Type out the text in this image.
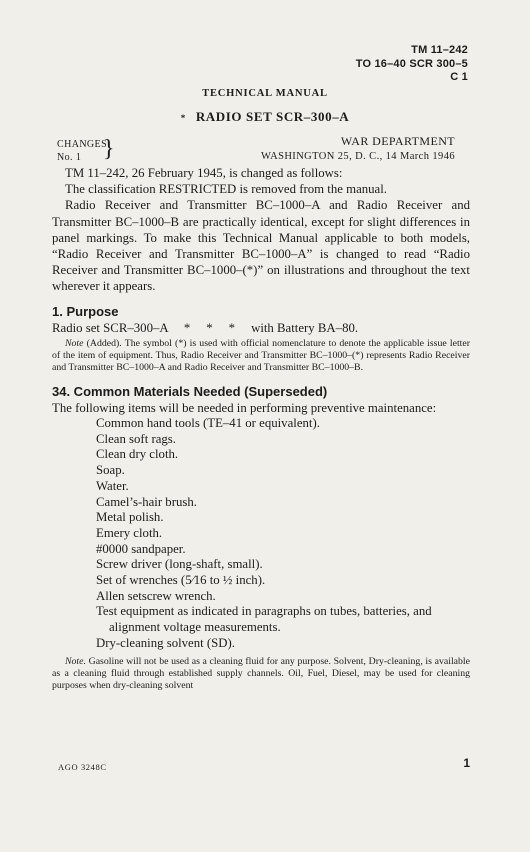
TM 11–242
TO 16–40 SCR 300–5
C 1
TECHNICAL MANUAL
* RADIO SET SCR–300–A
CHANGES
No. 1 }	WAR DEPARTMENT
WASHINGTON 25, D. C., 14 March 1946

TM 11–242, 26 February 1945, is changed as follows:

The classification RESTRICTED is removed from the manual.

Radio Receiver and Transmitter BC–1000–A and Radio Receiver and Transmitter BC–1000–B are practically identical, except for slight differences in panel markings. To make this Technical Manual applicable to both models, “Radio Receiver and Transmitter BC–1000–A” is changed to read “Radio Receiver and Transmitter BC–1000–(*)” on illustrations and throughout the text wherever it appears.

1. Purpose

Radio set SCR–300–A     *     *     *     with Battery BA–80.

Note (Added). The symbol (*) is used with official nomenclature to denote the applicable issue letter of the item of equipment. Thus, Radio Receiver and Transmitter BC–1000–(*) represents Radio Receiver and Transmitter BC–1000–A and Radio Receiver and Transmitter BC–1000–B.

34. Common Materials Needed (Superseded)

The following items will be needed in performing preventive maintenance:

Common hand tools (TE–41 or equivalent).
Clean soft rags.
Clean dry cloth.
Soap.
Water.
Camel’s-hair brush.
Metal polish.
Emery cloth.
#0000 sandpaper.
Screw driver (long-shaft, small).
Set of wrenches (5⁄16 to ½ inch).
Allen setscrew wrench.
Test equipment as indicated in paragraphs on tubes, batteries, and alignment voltage measurements.
Dry-cleaning solvent (SD).

Note. Gasoline will not be used as a cleaning fluid for any purpose. Solvent, Dry-cleaning, is available as a cleaning fluid through established supply channels. Oil, Fuel, Diesel, may be used for cleaning purposes when dry-cleaning solvent

AGO 3248C	1
